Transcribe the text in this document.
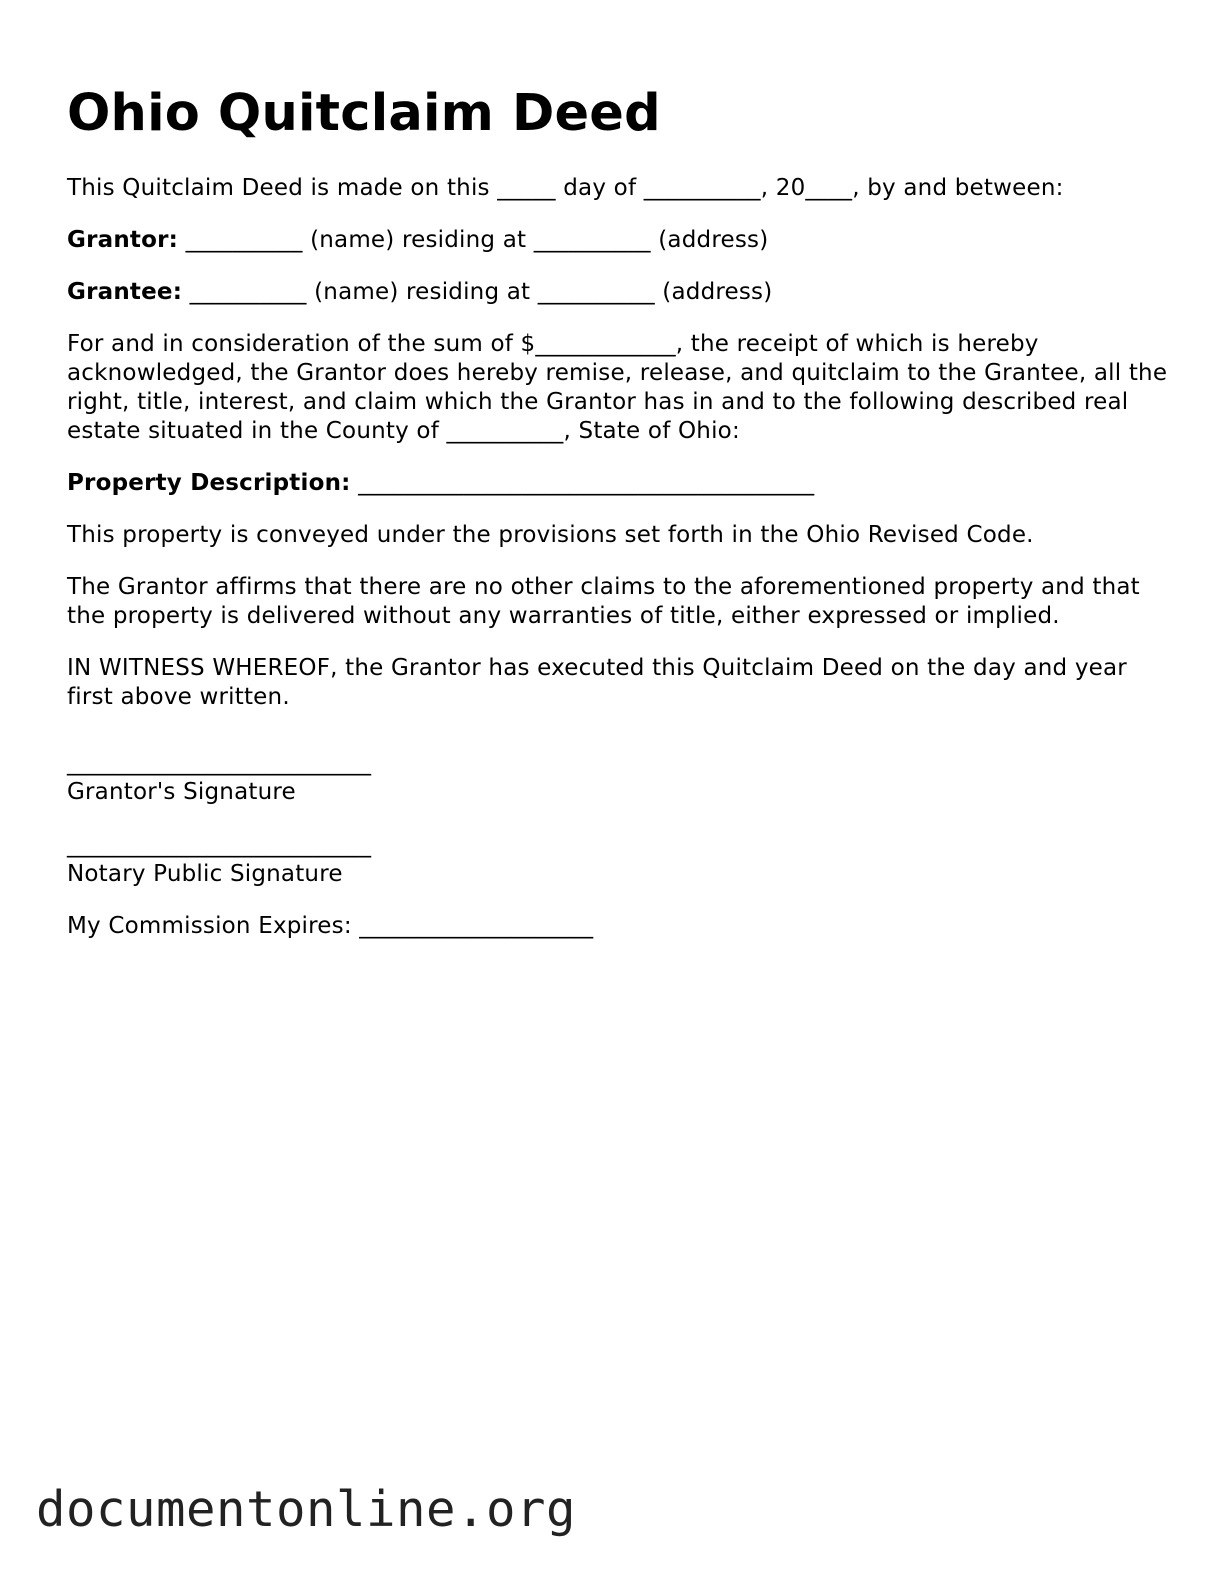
Ohio Quitclaim Deed

This Quitclaim Deed is made on this _____ day of __________, 20____, by and between:

Grantor: __________ (name) residing at __________ (address)

Grantee: __________ (name) residing at __________ (address)

For and in consideration of the sum of $____________, the receipt of which is hereby acknowledged, the Grantor does hereby remise, release, and quitclaim to the Grantee, all the right, title, interest, and claim which the Grantor has in and to the following described real estate situated in the County of __________, State of Ohio:

Property Description: _______________________________________

This property is conveyed under the provisions set forth in the Ohio Revised Code.

The Grantor affirms that there are no other claims to the aforementioned property and that the property is delivered without any warranties of title, either expressed or implied.

IN WITNESS WHEREOF, the Grantor has executed this Quitclaim Deed on the day and year first above written.

__________________________
Grantor's Signature
__________________________
Notary Public Signature

My Commission Expires: ____________________

documentonline.org
